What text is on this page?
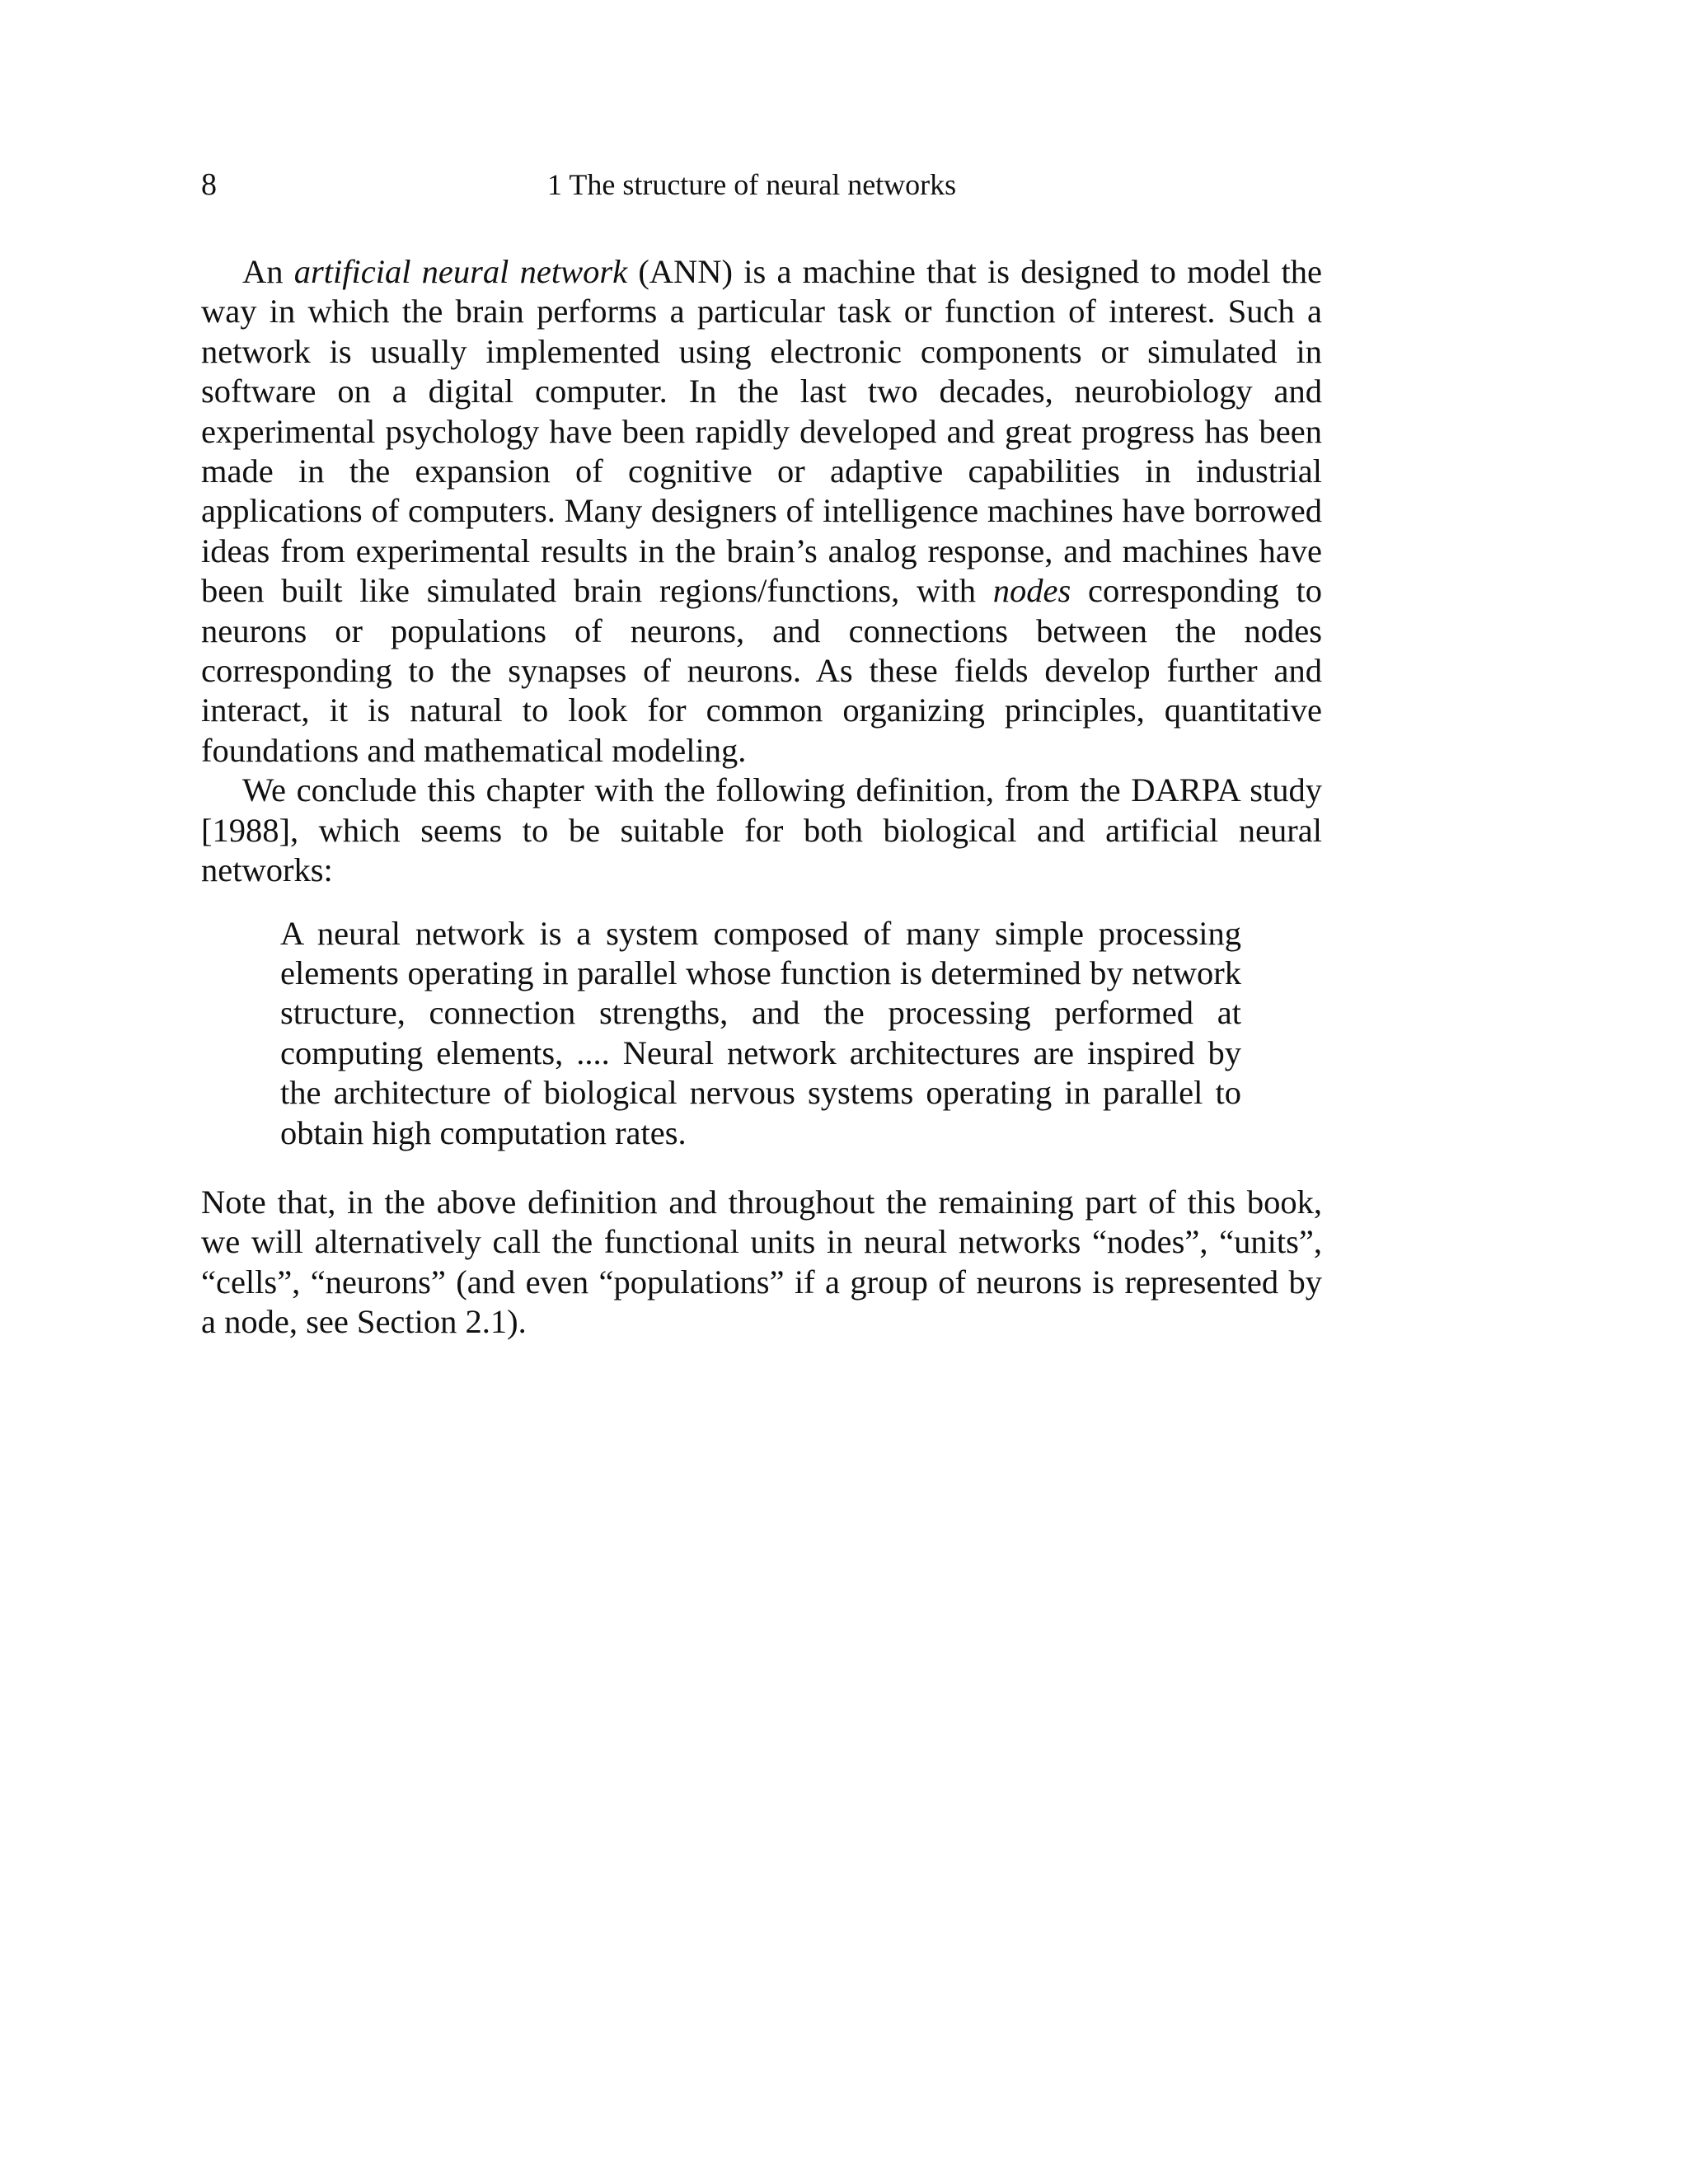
8	1 The structure of neural networks

An artificial neural network (ANN) is a machine that is designed to model the way in which the brain performs a particular task or function of interest. Such a network is usually implemented using electronic components or simulated in software on a digital computer. In the last two decades, neurobiology and experimental psychology have been rapidly developed and great progress has been made in the expansion of cognitive or adaptive capabilities in industrial applications of computers. Many designers of intelligence machines have borrowed ideas from experimental results in the brain’s analog response, and machines have been built like simulated brain regions/functions, with nodes corresponding to neurons or populations of neurons, and connections between the nodes corresponding to the synapses of neurons. As these fields develop further and interact, it is natural to look for common organizing principles, quantitative foundations and mathematical modeling.

We conclude this chapter with the following definition, from the DARPA study [1988], which seems to be suitable for both biological and artificial neural networks:

A neural network is a system composed of many simple processing elements operating in parallel whose function is determined by network structure, connection strengths, and the processing performed at computing elements, .... Neural network architectures are inspired by the architecture of biological nervous systems operating in parallel to obtain high computation rates.

Note that, in the above definition and throughout the remaining part of this book, we will alternatively call the functional units in neural networks “nodes”, “units”, “cells”, “neurons” (and even “populations” if a group of neurons is represented by a node, see Section 2.1).
